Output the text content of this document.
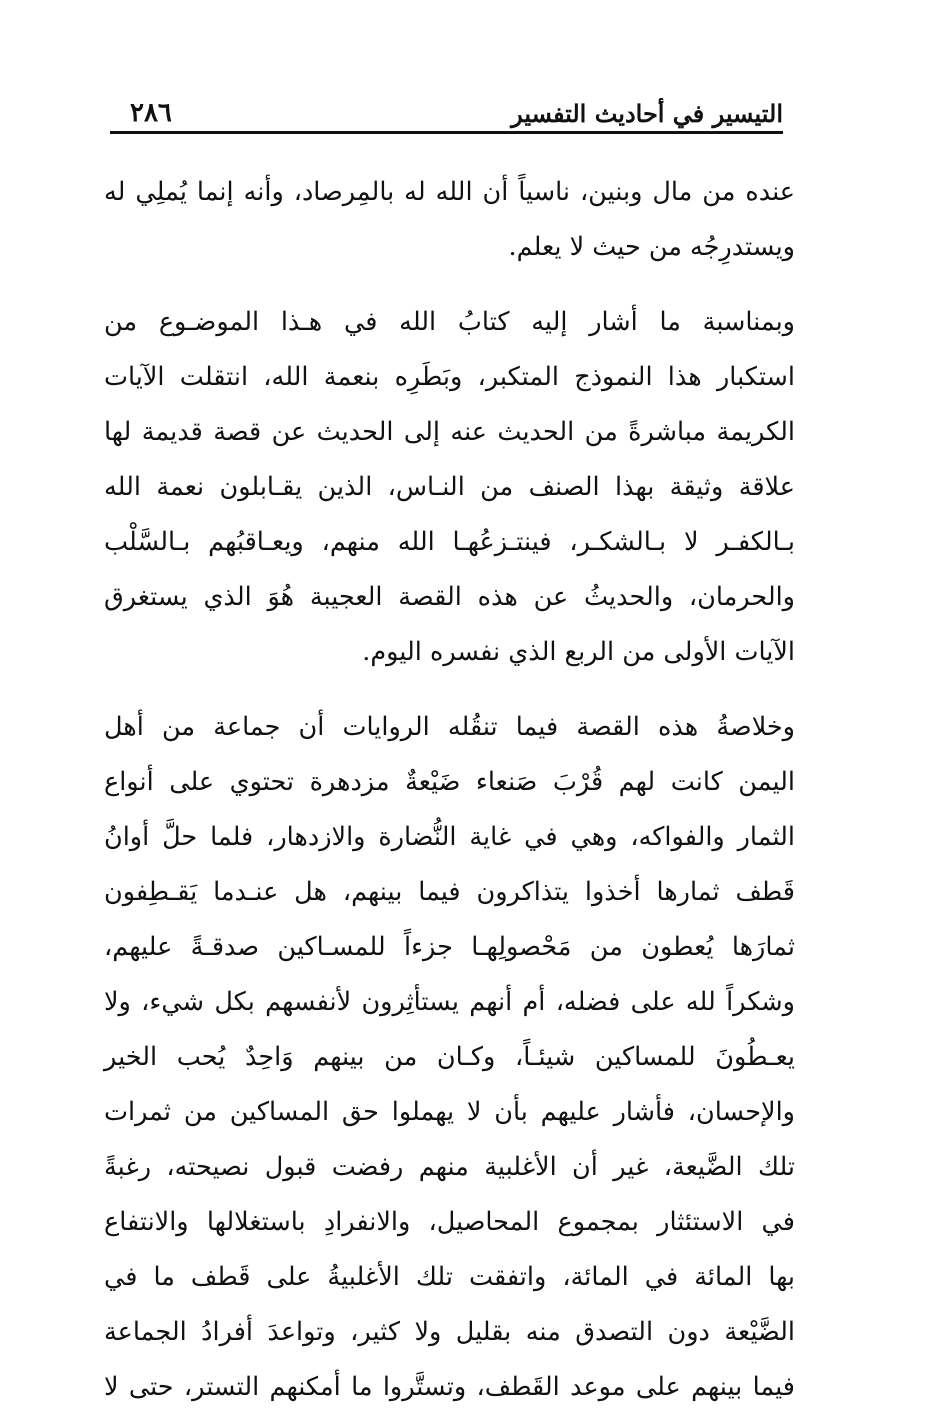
التيسير في أحاديث التفسير
٢٨٦
عنده من مال وبنين، ناسياً أن الله له بالمِرصاد، وأنه إنما يُملِي له
ويستدرِجُه من حيث لا يعلم.
وبمناسبة ما أشار إليه كتابُ الله في هـذا الموضـوع من
استكبار هذا النموذج المتكبر، وبَطَرِه بنعمة الله، انتقلت الآيات
الكريمة مباشرةً من الحديث عنه إلى الحديث عن قصة قديمة لها
علاقة وثيقة بهذا الصنف من النـاس، الذين يقـابلون نعمة الله
بـالكفـر لا بـالشكـر، فينتـزعُهـا الله منهم، ويعـاقبُهم بـالسَّلْب
والحرمان، والحديثُ عن هذه القصة العجيبة هُوَ الذي يستغرق
الآيات الأولى من الربع الذي نفسره اليوم.
وخلاصةُ هذه القصة فيما تنقُله الروايات أن جماعة من أهل
اليمن كانت لهم قُرْبَ صَنعاء ضَيْعةٌ مزدهرة تحتوي على أنواع
الثمار والفواكه، وهي في غاية النُّضارة والازدهار، فلما حلَّ أوانُ
قَطف ثمارها أخذوا يتذاكرون فيما بينهم، هل عنـدما يَقـطِفون
ثمارَها يُعطون من مَحْصولِهـا جزءاً للمسـاكين صدقـةً عليهم،
وشكراً لله على فضله، أم أنهم يستأثِرون لأنفسهم بكل شيء، ولا
يعـطُونَ للمساكين شيئـاً، وكـان من بينهم وَاحِدٌ يُحب الخير
والإحسان، فأشار عليهم بأن لا يهملوا حق المساكين من ثمرات
تلك الضَّيعة، غير أن الأغلبية منهم رفضت قبول نصيحته، رغبةً
في الاستئثار بمجموع المحاصيل، والانفرادِ باستغلالها والانتفاع
بها المائة في المائة، واتفقت تلك الأغلبيةُ على قَطف ما في
الضَّيْعة دون التصدق منه بقليل ولا كثير، وتواعدَ أفرادُ الجماعة
فيما بينهم على موعد القَطف، وتستَّروا ما أمكنهم التستر، حتى لا
